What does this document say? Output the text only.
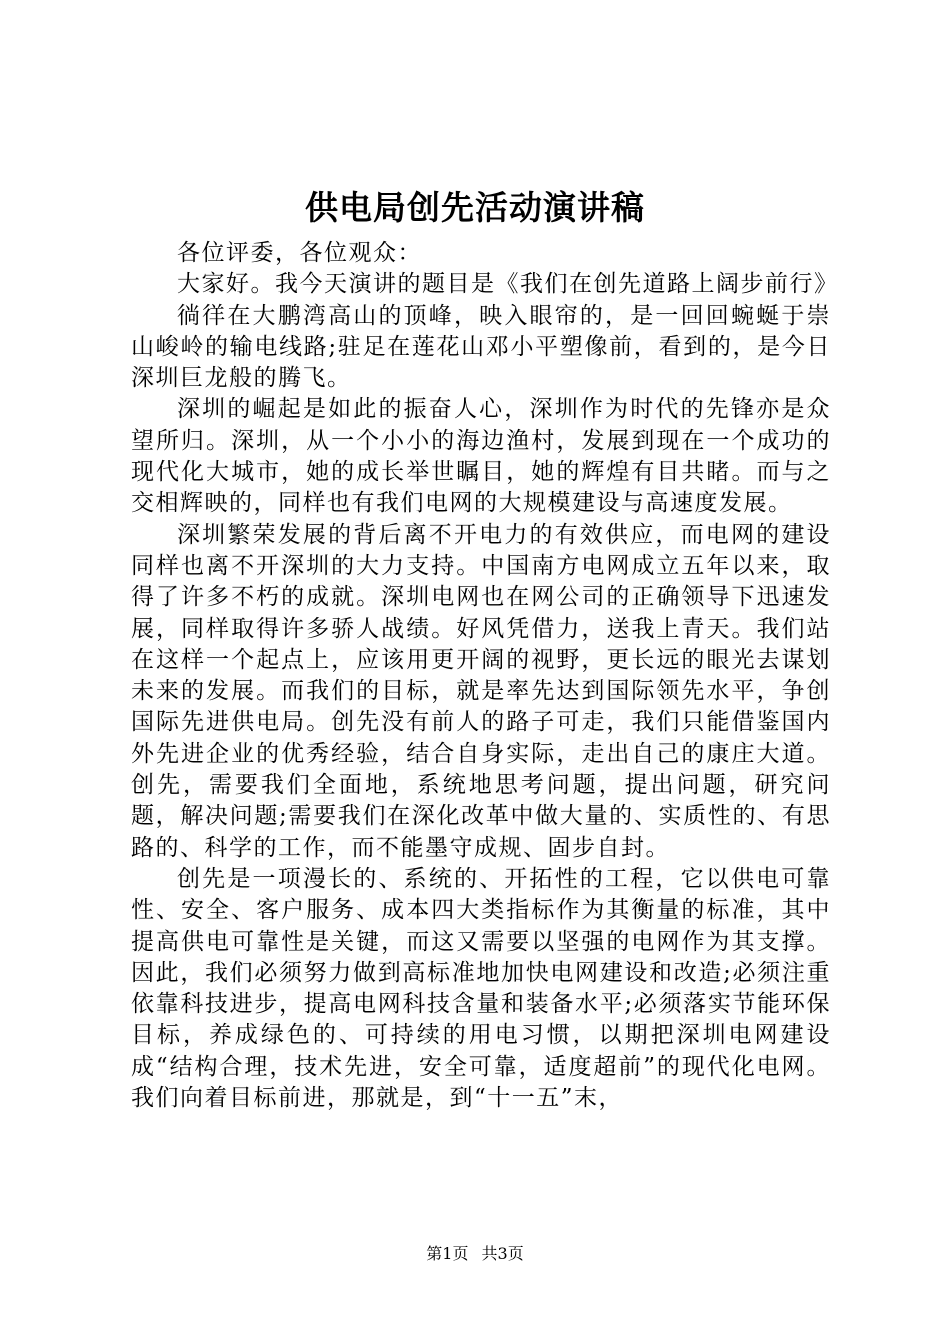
供电局创先活动演讲稿

各位评委，各位观众：

大家好。我今天演讲的题目是《我们在创先道路上阔步前行》

徜徉在大鹏湾高山的顶峰，映入眼帘的，是一回回蜿蜒于崇山峻岭的输电线路;驻足在莲花山邓小平塑像前，看到的，是今日深圳巨龙般的腾飞。

深圳的崛起是如此的振奋人心，深圳作为时代的先锋亦是众望所归。深圳，从一个小小的海边渔村，发展到现在一个成功的现代化大城市，她的成长举世瞩目，她的辉煌有目共睹。而与之交相辉映的，同样也有我们电网的大规模建设与高速度发展。

深圳繁荣发展的背后离不开电力的有效供应，而电网的建设同样也离不开深圳的大力支持。中国南方电网成立五年以来，取得了许多不朽的成就。深圳电网也在网公司的正确领导下迅速发展，同样取得许多骄人战绩。好风凭借力，送我上青天。我们站在这样一个起点上，应该用更开阔的视野，更长远的眼光去谋划未来的发展。而我们的目标，就是率先达到国际领先水平，争创国际先进供电局。创先没有前人的路子可走，我们只能借鉴国内外先进企业的优秀经验，结合自身实际，走出自己的康庄大道。创先，需要我们全面地，系统地思考问题，提出问题，研究问题，解决问题;需要我们在深化改革中做大量的、实质性的、有思路的、科学的工作，而不能墨守成规、固步自封。

创先是一项漫长的、系统的、开拓性的工程，它以供电可靠性、安全、客户服务、成本四大类指标作为其衡量的标准，其中提高供电可靠性是关键，而这又需要以坚强的电网作为其支撑。因此，我们必须努力做到高标准地加快电网建设和改造;必须注重依靠科技进步，提高电网科技含量和装备水平;必须落实节能环保目标，养成绿色的、可持续的用电习惯，以期把深圳电网建设成“结构合理，技术先进，安全可靠，适度超前”的现代化电网。我们向着目标前进，那就是，到“十一五”末，

第1页 共3页
